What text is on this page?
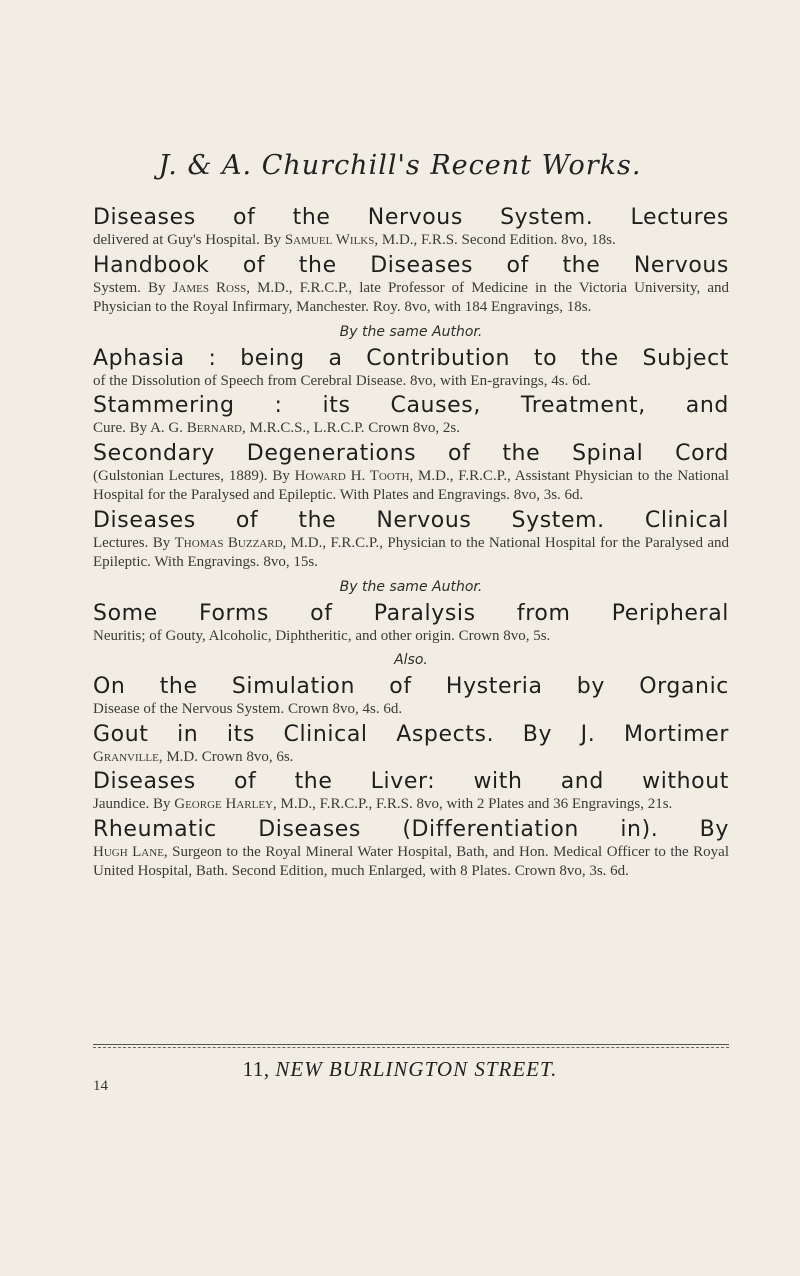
J. & A. Churchill's Recent Works.
Diseases of the Nervous System. Lectures
delivered at Guy's Hospital. By Samuel Wilks, M.D., F.R.S. Second Edition. 8vo, 18s.
Handbook of the Diseases of the Nervous
System. By James Ross, M.D., F.R.C.P., late Professor of Medicine in the Victoria University, and Physician to the Royal Infirmary, Manchester. Roy. 8vo, with 184 Engravings, 18s.
By the same Author.
Aphasia : being a Contribution to the Subject
of the Dissolution of Speech from Cerebral Disease. 8vo, with En-gravings, 4s. 6d.
Stammering : its Causes, Treatment, and
Cure. By A. G. Bernard, M.R.C.S., L.R.C.P. Crown 8vo, 2s.
Secondary Degenerations of the Spinal Cord
(Gulstonian Lectures, 1889). By Howard H. Tooth, M.D., F.R.C.P., Assistant Physician to the National Hospital for the Paralysed and Epileptic. With Plates and Engravings. 8vo, 3s. 6d.
Diseases of the Nervous System. Clinical
Lectures. By Thomas Buzzard, M.D., F.R.C.P., Physician to the National Hospital for the Paralysed and Epileptic. With Engravings. 8vo, 15s.
By the same Author.
Some Forms of Paralysis from Peripheral
Neuritis; of Gouty, Alcoholic, Diphtheritic, and other origin. Crown 8vo, 5s.
Also.
On the Simulation of Hysteria by Organic
Disease of the Nervous System. Crown 8vo, 4s. 6d.
Gout in its Clinical Aspects. By J. Mortimer
Granville, M.D. Crown 8vo, 6s.
Diseases of the Liver: with and without
Jaundice. By George Harley, M.D., F.R.C.P., F.R.S. 8vo, with 2 Plates and 36 Engravings, 21s.
Rheumatic Diseases (Differentiation in). By
Hugh Lane, Surgeon to the Royal Mineral Water Hospital, Bath, and Hon. Medical Officer to the Royal United Hospital, Bath. Second Edition, much Enlarged, with 8 Plates. Crown 8vo, 3s. 6d.
11, NEW BURLINGTON STREET.
14
